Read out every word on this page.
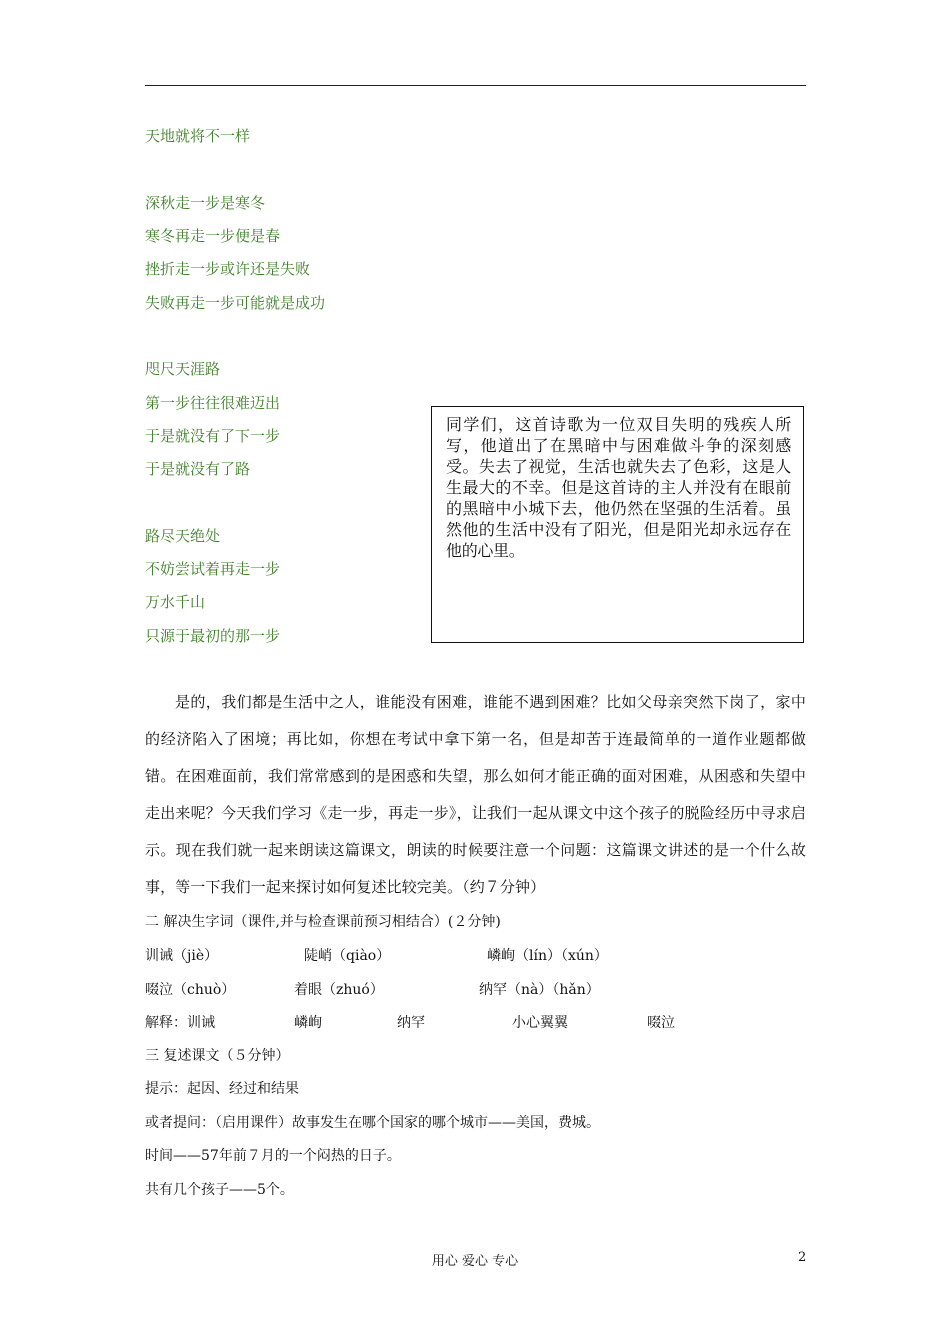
天地就将不一样
深秋走一步是寒冬
寒冬再走一步便是春
挫折走一步或许还是失败
失败再走一步可能就是成功
咫尺天涯路
第一步往往很难迈出
于是就没有了下一步
于是就没有了路
路尽天绝处
不妨尝试着再走一步
万水千山
只源于最初的那一步
同学们，这首诗歌为一位双目失明的残疾人所写，他道出了在黑暗中与困难做斗争的深刻感受。失去了视觉，生活也就失去了色彩，这是人生最大的不幸。但是这首诗的主人并没有在眼前的黑暗中小城下去，他仍然在坚强的生活着。虽然他的生活中没有了阳光，但是阳光却永远存在他的心里。
是的，我们都是生活中之人，谁能没有困难，谁能不遇到困难？比如父母亲突然下岗了，家中的经济陷入了困境；再比如，你想在考试中拿下第一名，但是却苦于连最简单的一道作业题都做错。在困难面前，我们常常感到的是困惑和失望，那么如何才能正确的面对困难，从困惑和失望中走出来呢？今天我们学习《走一步，再走一步》，让我们一起从课文中这个孩子的脱险经历中寻求启示。现在我们就一起来朗读这篇课文，朗读的时候要注意一个问题：这篇课文讲述的是一个什么故事，等一下我们一起来探讨如何复述比较完美。（约７分钟）
二 解决生字词（课件,并与检查课前预习相结合）(２分钟)
训诫（jiè）	陡峭（qiào）	嶙峋（lín）（xún）
啜泣（chuò）	着眼（zhuó）	纳罕（nà）（hǎn）
解释：训诫	嶙峋	纳罕	小心翼翼	啜泣
三 复述课文（５分钟）
提示：起因、经过和结果
或者提问：（启用课件）故事发生在哪个国家的哪个城市——美国，费城。
时间——57年前７月的一个闷热的日子。
共有几个孩子——5个。
用心 爱心 专心	2
